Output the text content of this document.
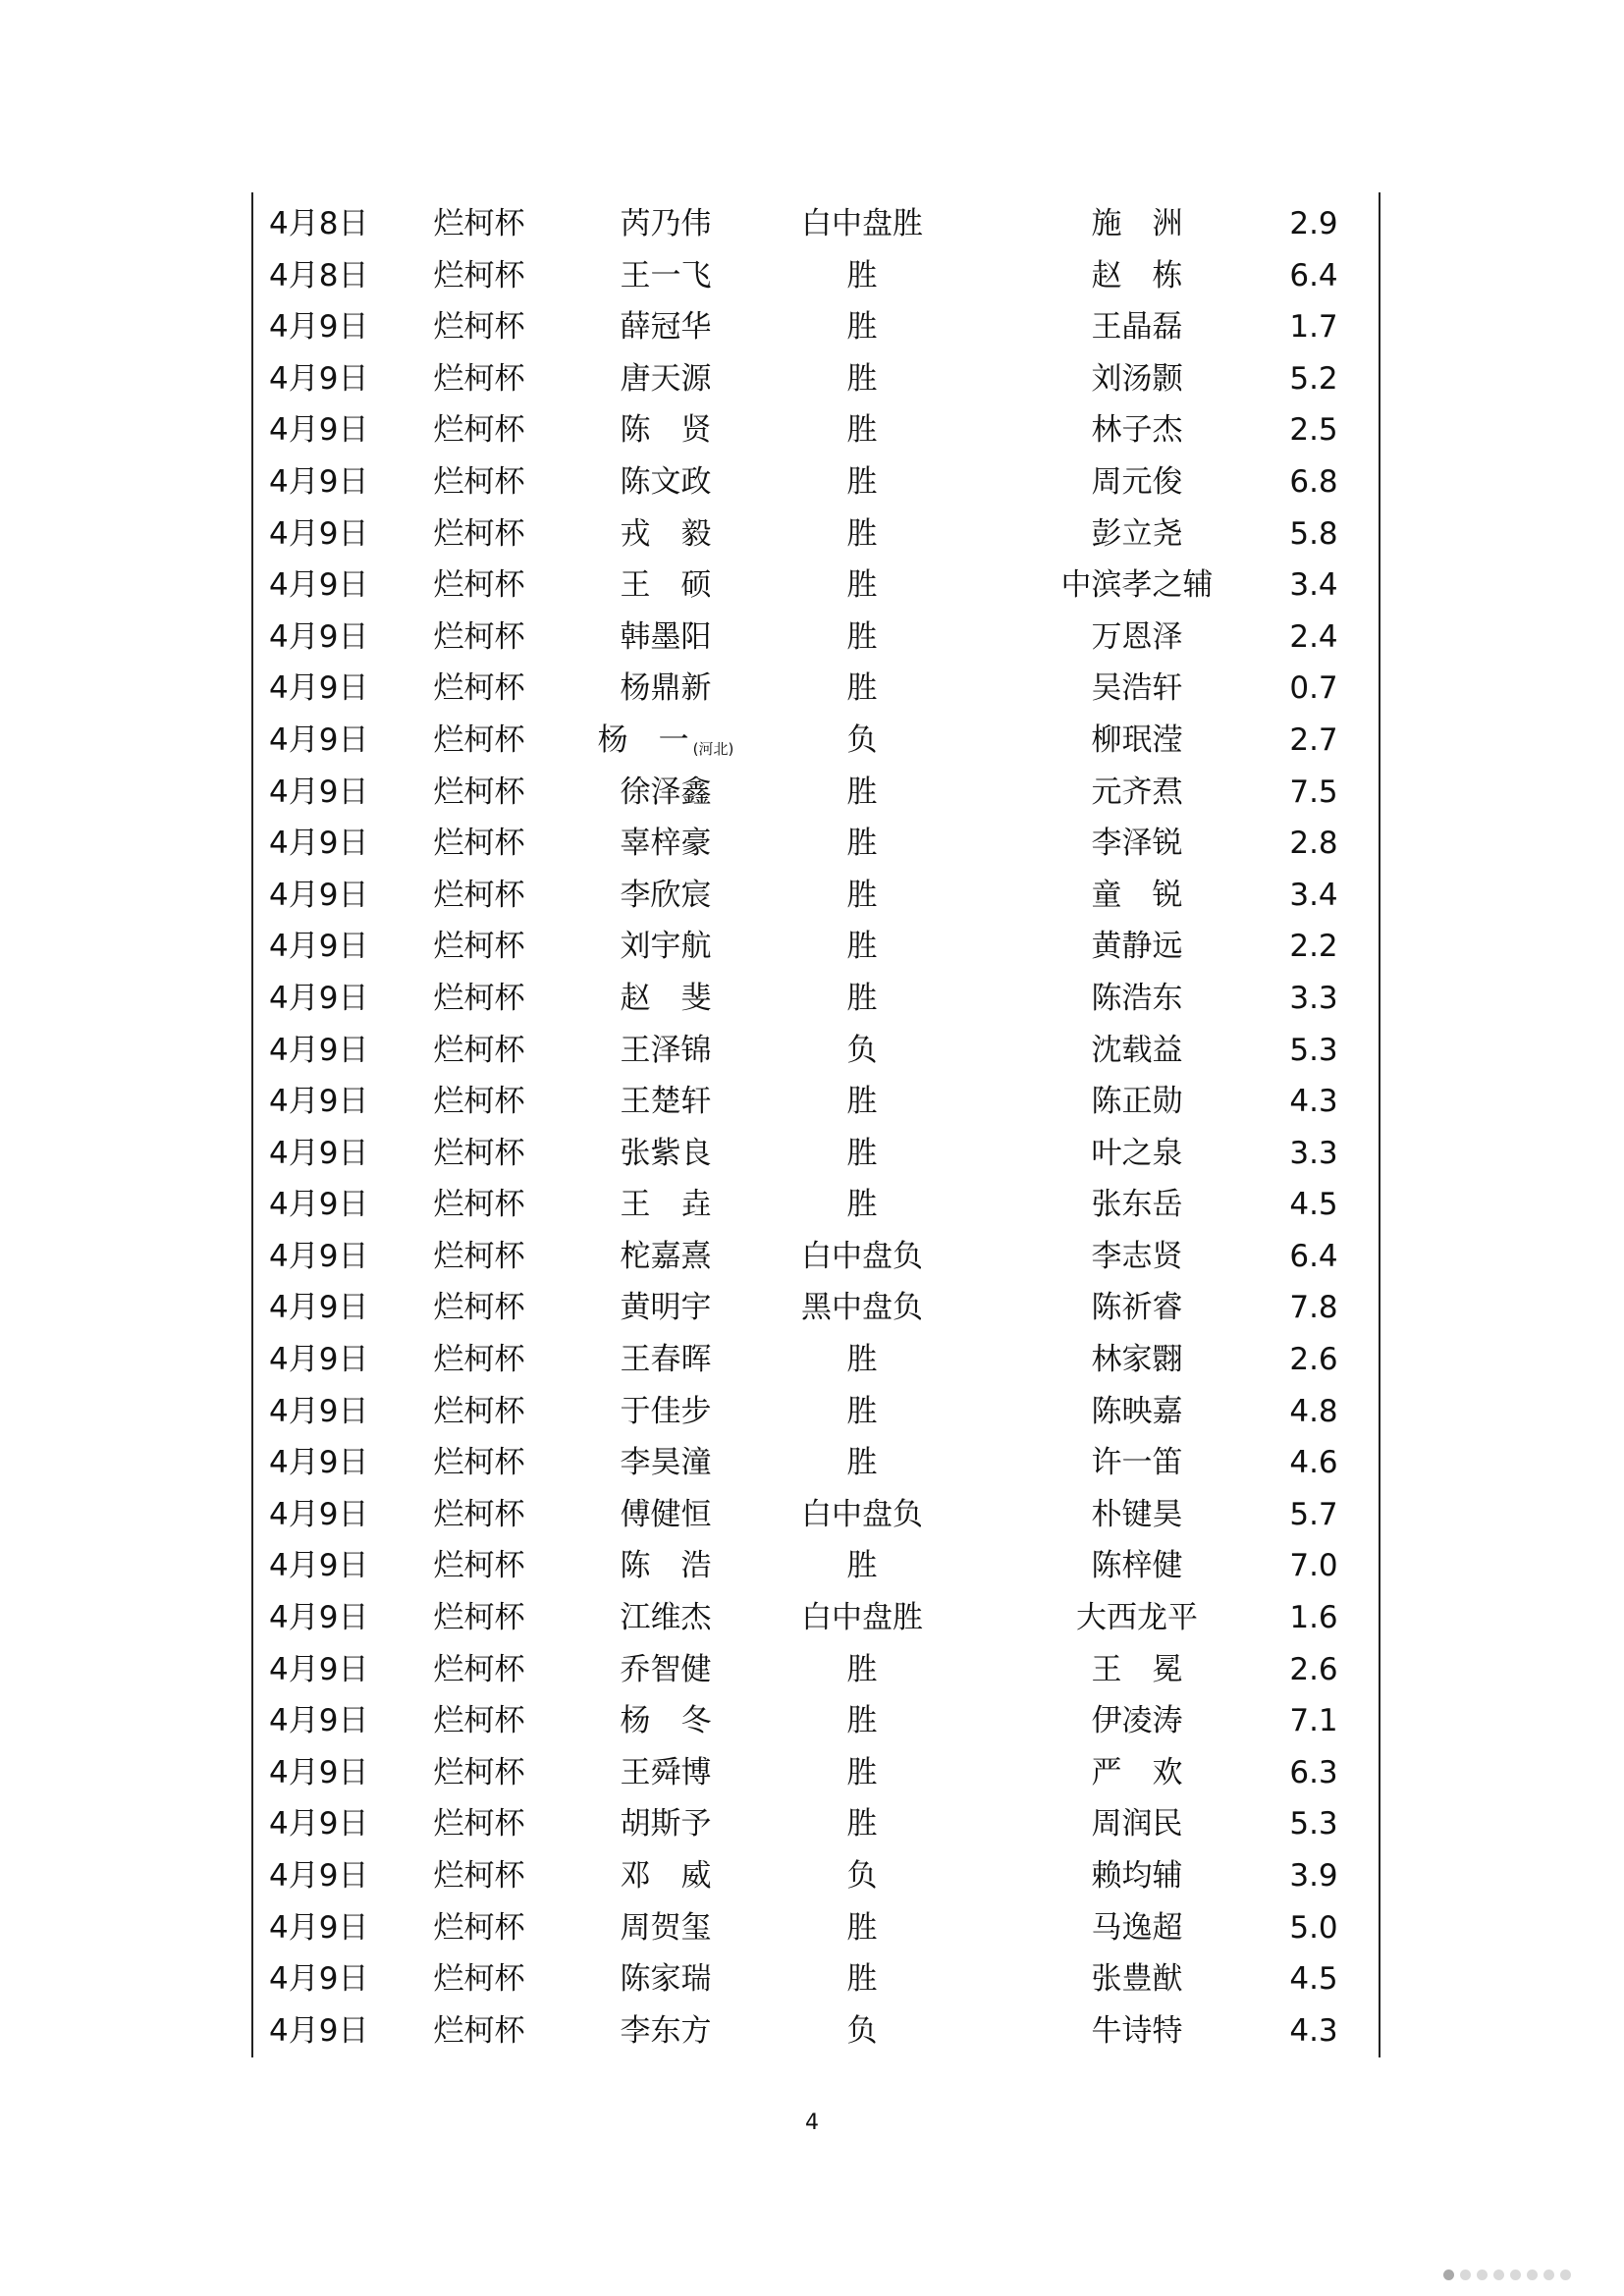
4月8日	烂柯杯	芮乃伟	白中盘胜	施　洲	2.9
4月8日	烂柯杯	王一飞	胜	赵　栋	6.4
4月9日	烂柯杯	薛冠华	胜	王晶磊	1.7
4月9日	烂柯杯	唐天源	胜	刘汤颢	5.2
4月9日	烂柯杯	陈　贤	胜	林子杰	2.5
4月9日	烂柯杯	陈文政	胜	周元俊	6.8
4月9日	烂柯杯	戎　毅	胜	彭立尧	5.8
4月9日	烂柯杯	王　硕	胜	中滨孝之辅	3.4
4月9日	烂柯杯	韩墨阳	胜	万恩泽	2.4
4月9日	烂柯杯	杨鼎新	胜	吴浩轩	0.7
4月9日	烂柯杯	杨　一 (河北)	负	柳珉滢	2.7
4月9日	烂柯杯	徐泽鑫	胜	元齐焄	7.5
4月9日	烂柯杯	辜梓豪	胜	李泽锐	2.8
4月9日	烂柯杯	李欣宸	胜	童　锐	3.4
4月9日	烂柯杯	刘宇航	胜	黄静远	2.2
4月9日	烂柯杯	赵　斐	胜	陈浩东	3.3
4月9日	烂柯杯	王泽锦	负	沈载益	5.3
4月9日	烂柯杯	王楚轩	胜	陈正勋	4.3
4月9日	烂柯杯	张紫良	胜	叶之泉	3.3
4月9日	烂柯杯	王　垚	胜	张东岳	4.5
4月9日	烂柯杯	柁嘉熹	白中盘负	李志贤	6.4
4月9日	烂柯杯	黄明宇	黑中盘负	陈祈睿	7.8
4月9日	烂柯杯	王春晖	胜	林家翾	2.6
4月9日	烂柯杯	于佳步	胜	陈映嘉	4.8
4月9日	烂柯杯	李昊潼	胜	许一笛	4.6
4月9日	烂柯杯	傅健恒	白中盘负	朴键昊	5.7
4月9日	烂柯杯	陈　浩	胜	陈梓健	7.0
4月9日	烂柯杯	江维杰	白中盘胜	大西龙平	1.6
4月9日	烂柯杯	乔智健	胜	王　冕	2.6
4月9日	烂柯杯	杨　冬	胜	伊凌涛	7.1
4月9日	烂柯杯	王舜博	胜	严　欢	6.3
4月9日	烂柯杯	胡斯予	胜	周润民	5.3
4月9日	烂柯杯	邓　威	负	赖均辅	3.9
4月9日	烂柯杯	周贺玺	胜	马逸超	5.0
4月9日	烂柯杯	陈家瑞	胜	张豊猷	4.5
4月9日	烂柯杯	李东方	负	牛诗特	4.3
4
